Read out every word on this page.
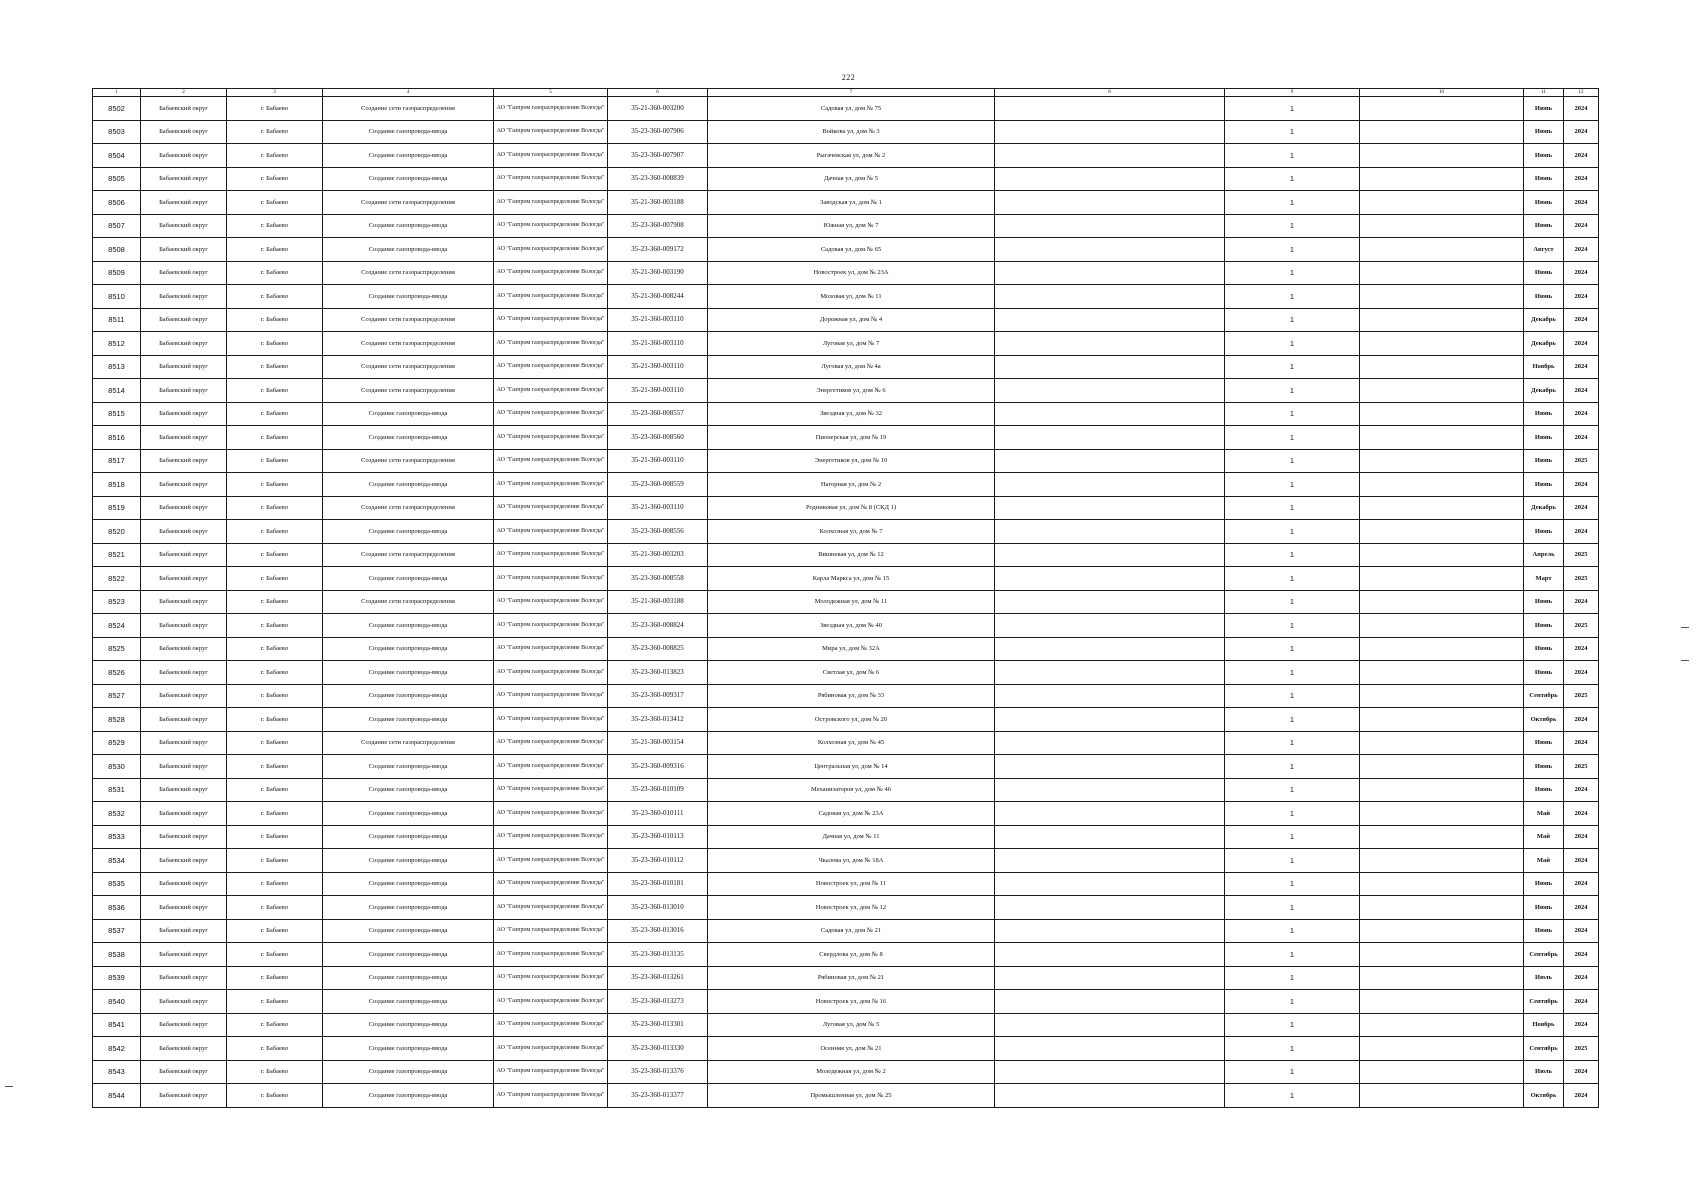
222
1	2	3	4	5	6	7	8	9	10	11	12
8502	Бабаевский округ	г. Бабаево	Создание сети газораспределения	АО "Газпром газораспределение Вологда"	35-21-360-003200	Садовая ул, дом № 75		1		Июнь	2024
8503	Бабаевский округ	г. Бабаево	Создание газопровода-ввода	АО "Газпром газораспределение Вологда"	35-23-360-007906	Войкова ул, дом № 3		1		Июнь	2024
8504	Бабаевский округ	г. Бабаево	Создание газопровода-ввода	АО "Газпром газораспределение Вологда"	35-23-360-007907	Рыгачевская ул, дом № 2		1		Июнь	2024
8505	Бабаевский округ	г. Бабаево	Создание газопровода-ввода	АО "Газпром газораспределение Вологда"	35-23-360-008839	Дачная ул, дом № 5		1		Июнь	2024
8506	Бабаевский округ	г. Бабаево	Создание сети газораспределения	АО "Газпром газораспределение Вологда"	35-21-360-003188	Заводская ул, дом № 1		1		Июнь	2024
8507	Бабаевский округ	г. Бабаево	Создание газопровода-ввода	АО "Газпром газораспределение Вологда"	35-23-360-007908	Южная ул, дом № 7		1		Июнь	2024
8508	Бабаевский округ	г. Бабаево	Создание газопровода-ввода	АО "Газпром газораспределение Вологда"	35-23-360-009172	Садовая ул, дом № 65		1		Август	2024
8509	Бабаевский округ	г. Бабаево	Создание сети газораспределения	АО "Газпром газораспределение Вологда"	35-21-360-003190	Новостроек ул, дом № 23А		1		Июнь	2024
8510	Бабаевский округ	г. Бабаево	Создание газопровода-ввода	АО "Газпром газораспределение Вологда"	35-21-360-008244	Моховая ул, дом № 11		1		Июнь	2024
8511	Бабаевский округ	г. Бабаево	Создание сети газораспределения	АО "Газпром газораспределение Вологда"	35-21-360-003110	Дорожная ул, дом № 4		1		Декабрь	2024
8512	Бабаевский округ	г. Бабаево	Создание сети газораспределения	АО "Газпром газораспределение Вологда"	35-21-360-003110	Луговая ул, дом № 7		1		Декабрь	2024
8513	Бабаевский округ	г. Бабаево	Создание сети газораспределения	АО "Газпром газораспределение Вологда"	35-21-360-003110	Луговая ул, дом № 4а		1		Ноябрь	2024
8514	Бабаевский округ	г. Бабаево	Создание сети газораспределения	АО "Газпром газораспределение Вологда"	35-21-360-003110	Энергетиков ул, дом № 6		1		Декабрь	2024
8515	Бабаевский округ	г. Бабаево	Создание газопровода-ввода	АО "Газпром газораспределение Вологда"	35-23-360-008557	Звездная ул, дом № 32		1		Июнь	2024
8516	Бабаевский округ	г. Бабаево	Создание газопровода-ввода	АО "Газпром газораспределение Вологда"	35-23-360-008560	Пионерская ул, дом № 19		1		Июнь	2024
8517	Бабаевский округ	г. Бабаево	Создание сети газораспределения	АО "Газпром газораспределение Вологда"	35-21-360-003110	Энергетиков ул, дом № 10		1		Июнь	2025
8518	Бабаевский округ	г. Бабаево	Создание газопровода-ввода	АО "Газпром газораспределение Вологда"	35-23-360-008559	Нагорная ул, дом № 2		1		Июнь	2024
8519	Бабаевский округ	г. Бабаево	Создание сети газораспределения	АО "Газпром газораспределение Вологда"	35-21-360-003110	Родниковая ул, дом № 8 (СКД 1)		1		Декабрь	2024
8520	Бабаевский округ	г. Бабаево	Создание газопровода-ввода	АО "Газпром газораспределение Вологда"	35-23-360-008556	Колхозная ул, дом № 7		1		Июнь	2024
8521	Бабаевский округ	г. Бабаево	Создание сети газораспределения	АО "Газпром газораспределение Вологда"	35-21-360-003203	Вишневая ул, дом № 12		1		Апрель	2025
8522	Бабаевский округ	г. Бабаево	Создание газопровода-ввода	АО "Газпром газораспределение Вологда"	35-23-360-008558	Карла Маркса ул, дом № 15		1		Март	2025
8523	Бабаевский округ	г. Бабаево	Создание сети газораспределения	АО "Газпром газораспределение Вологда"	35-21-360-003188	Молодежная ул, дом № 11		1		Июнь	2024
8524	Бабаевский округ	г. Бабаево	Создание газопровода-ввода	АО "Газпром газораспределение Вологда"	35-23-360-008824	Звездная ул, дом № 40		1		Июнь	2025
8525	Бабаевский округ	г. Бабаево	Создание газопровода-ввода	АО "Газпром газораспределение Вологда"	35-23-360-008825	Мира ул, дом № 32А		1		Июнь	2024
8526	Бабаевский округ	г. Бабаево	Создание газопровода-ввода	АО "Газпром газораспределение Вологда"	35-23-360-013823	Светлая ул, дом № 6		1		Июнь	2024
8527	Бабаевский округ	г. Бабаево	Создание газопровода-ввода	АО "Газпром газораспределение Вологда"	35-23-360-009317	Рябиновая ул, дом № 33		1		Сентябрь	2025
8528	Бабаевский округ	г. Бабаево	Создание газопровода-ввода	АО "Газпром газораспределение Вологда"	35-23-360-013412	Островского ул, дом № 20		1		Октябрь	2024
8529	Бабаевский округ	г. Бабаево	Создание сети газораспределения	АО "Газпром газораспределение Вологда"	35-21-360-003154	Колхозная ул, дом № 45		1		Июнь	2024
8530	Бабаевский округ	г. Бабаево	Создание газопровода-ввода	АО "Газпром газораспределение Вологда"	35-23-360-009316	Центральная ул, дом № 14		1		Июнь	2025
8531	Бабаевский округ	г. Бабаево	Создание газопровода-ввода	АО "Газпром газораспределение Вологда"	35-23-360-010109	Механизаторов ул, дом № 46		1		Июнь	2024
8532	Бабаевский округ	г. Бабаево	Создание газопровода-ввода	АО "Газпром газораспределение Вологда"	35-23-360-010111	Садовая ул, дом № 23А		1		Май	2024
8533	Бабаевский округ	г. Бабаево	Создание газопровода-ввода	АО "Газпром газораспределение Вологда"	35-23-360-010113	Дачная ул, дом № 11		1		Май	2024
8534	Бабаевский округ	г. Бабаево	Создание газопровода-ввода	АО "Газпром газораспределение Вологда"	35-23-360-010112	Чкалова ул, дом № 18А		1		Май	2024
8535	Бабаевский округ	г. Бабаево	Создание газопровода-ввода	АО "Газпром газораспределение Вологда"	35-23-360-010181	Новостроек ул, дом № 11		1		Июнь	2024
8536	Бабаевский округ	г. Бабаево	Создание газопровода-ввода	АО "Газпром газораспределение Вологда"	35-23-360-013010	Новостроек ул, дом № 12		1		Июнь	2024
8537	Бабаевский округ	г. Бабаево	Создание газопровода-ввода	АО "Газпром газораспределение Вологда"	35-23-360-013016	Садовая ул, дом № 21		1		Июнь	2024
8538	Бабаевский округ	г. Бабаево	Создание газопровода-ввода	АО "Газпром газораспределение Вологда"	35-23-360-013135	Свердлова ул, дом № 8		1		Сентябрь	2024
8539	Бабаевский округ	г. Бабаево	Создание газопровода-ввода	АО "Газпром газораспределение Вологда"	35-23-360-013261	Рябиновая ул, дом № 21		1		Июль	2024
8540	Бабаевский округ	г. Бабаево	Создание газопровода-ввода	АО "Газпром газораспределение Вологда"	35-23-360-013273	Новостроек ул, дом № 16		1		Сентябрь	2024
8541	Бабаевский округ	г. Бабаево	Создание газопровода-ввода	АО "Газпром газораспределение Вологда"	35-23-360-013301	Луговая ул, дом № 5		1		Ноябрь	2024
8542	Бабаевский округ	г. Бабаево	Создание газопровода-ввода	АО "Газпром газораспределение Вологда"	35-23-360-013330	Осенняя ул, дом № 21		1		Сентябрь	2025
8543	Бабаевский округ	г. Бабаево	Создание газопровода-ввода	АО "Газпром газораспределение Вологда"	35-23-360-013376	Молодежная ул, дом № 2		1		Июль	2024
8544	Бабаевский округ	г. Бабаево	Создание газопровода-ввода	АО "Газпром газораспределение Вологда"	35-23-360-013377	Промышленная ул, дом № 25		1		Октябрь	2024
